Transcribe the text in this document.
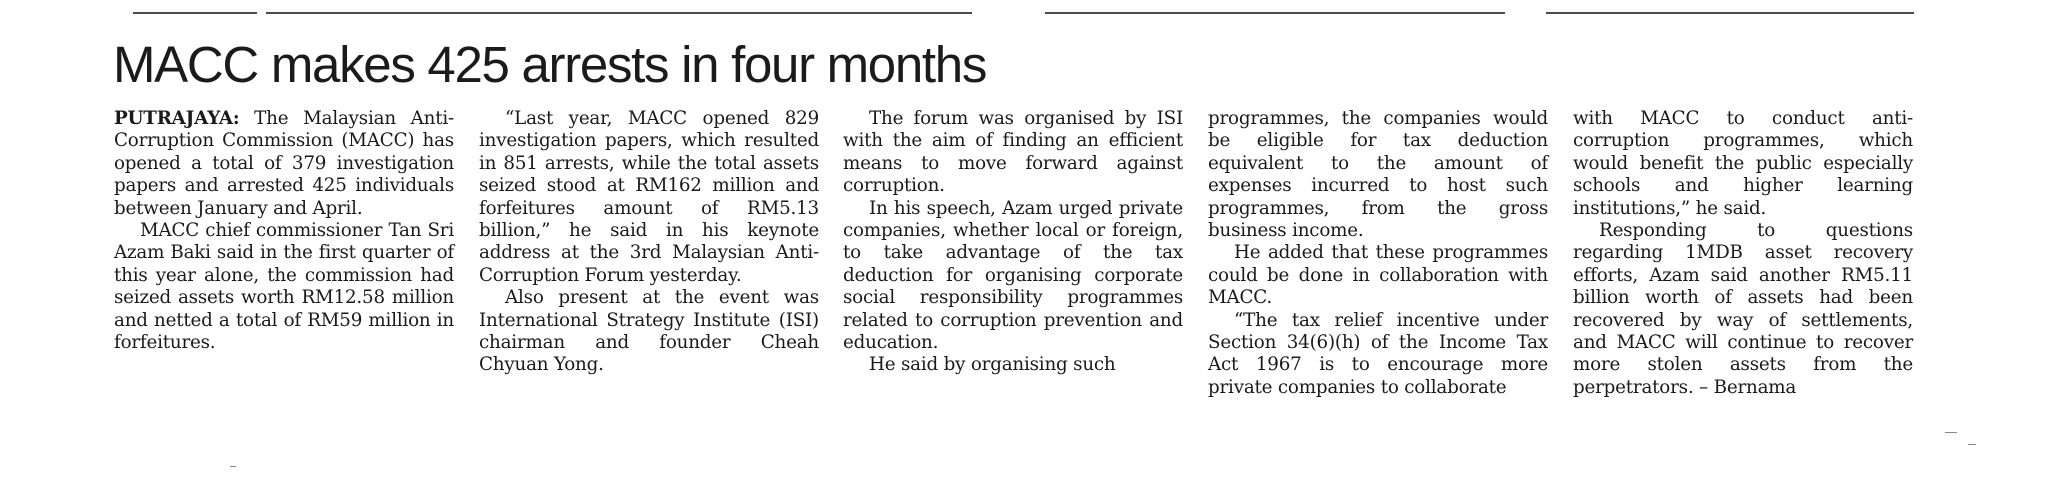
MACC makes 425 arrests in four months

PUTRAJAYA: The Malaysian Anti-Corruption Commission (MACC) has opened a total of 379 investigation papers and arrested 425 individuals between January and April.

MACC chief commissioner Tan Sri Azam Baki said in the first quarter of this year alone, the commission had seized assets worth RM12.58 million and netted a total of RM59 million in forfeitures.

“Last year, MACC opened 829 investigation papers, which resulted in 851 arrests, while the total assets seized stood at RM162 million and forfeitures amount of RM5.13 billion,” he said in his keynote address at the 3rd Malaysian Anti-Corruption Forum yesterday.

Also present at the event was International Strategy Institute (ISI) chairman and founder Cheah Chyuan Yong.

The forum was organised by ISI with the aim of finding an efficient means to move forward against corruption.

In his speech, Azam urged private companies, whether local or foreign, to take advantage of the tax deduction for organising corporate social responsibility programmes related to corruption prevention and education.

He said by organising such

programmes, the companies would be eligible for tax deduction equivalent to the amount of expenses incurred to host such programmes, from the gross business income.

He added that these programmes could be done in collaboration with MACC.

“The tax relief incentive under Section 34(6)(h) of the Income Tax Act 1967 is to encourage more private companies to collaborate

with MACC to conduct anti-corruption programmes, which would benefit the public especially schools and higher learning institutions,” he said.

Responding to questions regarding 1MDB asset recovery efforts, Azam said another RM5.11 billion worth of assets had been recovered by way of settlements, and MACC will continue to recover more stolen assets from the perpetrators. – Bernama
